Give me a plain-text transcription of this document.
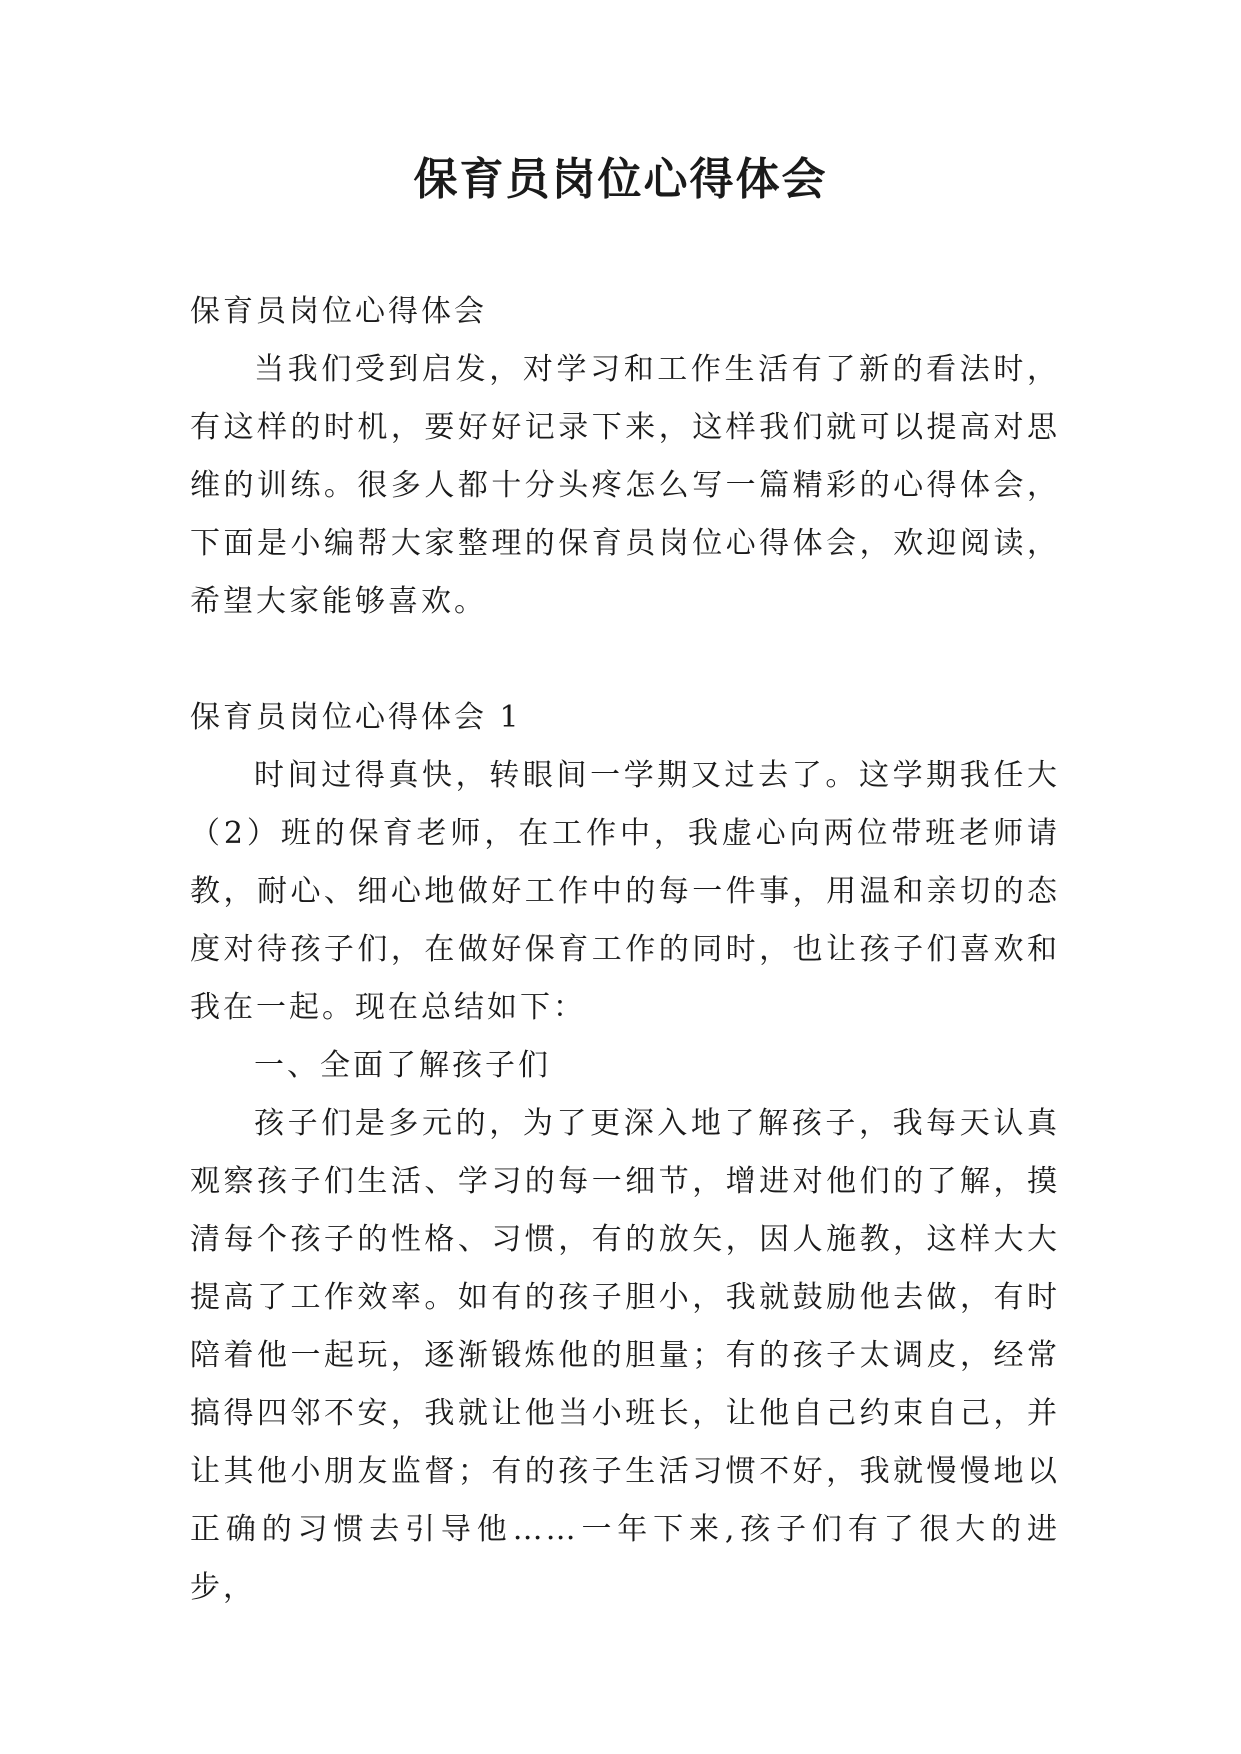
保育员岗位心得体会

保育员岗位心得体会

当我们受到启发，对学习和工作生活有了新的看法时，有这样的时机，要好好记录下来，这样我们就可以提高对思维的训练。很多人都十分头疼怎么写一篇精彩的心得体会，下面是小编帮大家整理的保育员岗位心得体会，欢迎阅读，希望大家能够喜欢。

保育员岗位心得体会 1

时间过得真快，转眼间一学期又过去了。这学期我任大（2）班的保育老师，在工作中，我虚心向两位带班老师请教，耐心、细心地做好工作中的每一件事，用温和亲切的态度对待孩子们，在做好保育工作的同时，也让孩子们喜欢和我在一起。现在总结如下：

一、全面了解孩子们

孩子们是多元的，为了更深入地了解孩子，我每天认真观察孩子们生活、学习的每一细节，增进对他们的了解，摸清每个孩子的性格、习惯，有的放矢，因人施教，这样大大提高了工作效率。如有的孩子胆小，我就鼓励他去做，有时陪着他一起玩，逐渐锻炼他的胆量；有的孩子太调皮，经常搞得四邻不安，我就让他当小班长，让他自己约束自己，并让其他小朋友监督；有的孩子生活习惯不好，我就慢慢地以正确的习惯去引导他……一年下来,孩子们有了很大的进步，
